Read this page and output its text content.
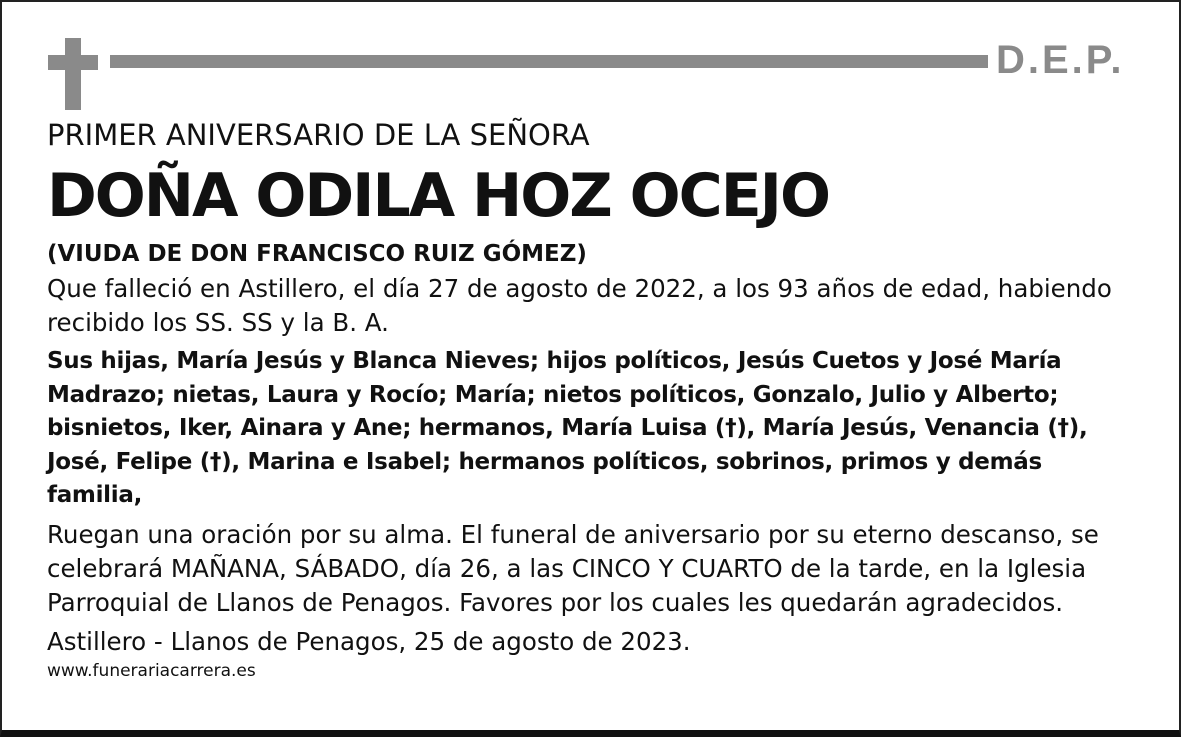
D.E.P.

PRIMER ANIVERSARIO DE LA SEÑORA

DOÑA ODILA HOZ OCEJO

(VIUDA DE DON FRANCISCO RUIZ GÓMEZ)

Que falleció en Astillero, el día 27 de agosto de 2022, a los 93 años de edad, habiendo recibido los SS. SS y la B. A.

Sus hijas, María Jesús y Blanca Nieves; hijos políticos, Jesús Cuetos y José María Madrazo; nietas, Laura y Rocío; María; nietos políticos, Gonzalo, Julio y Alberto; bisnietos, Iker, Ainara y Ane; hermanos, María Luisa (†), María Jesús, Venancia (†), José, Felipe (†), Marina e Isabel; hermanos políticos, sobrinos, primos y demás familia,

Ruegan una oración por su alma. El funeral de aniversario por su eterno descanso, se celebrará MAÑANA, SÁBADO, día 26, a las CINCO Y CUARTO de la tarde, en la Iglesia Parroquial de Llanos de Penagos. Favores por los cuales les quedarán agradecidos.

Astillero - Llanos de Penagos, 25 de agosto de 2023.

www.funerariacarrera.es
